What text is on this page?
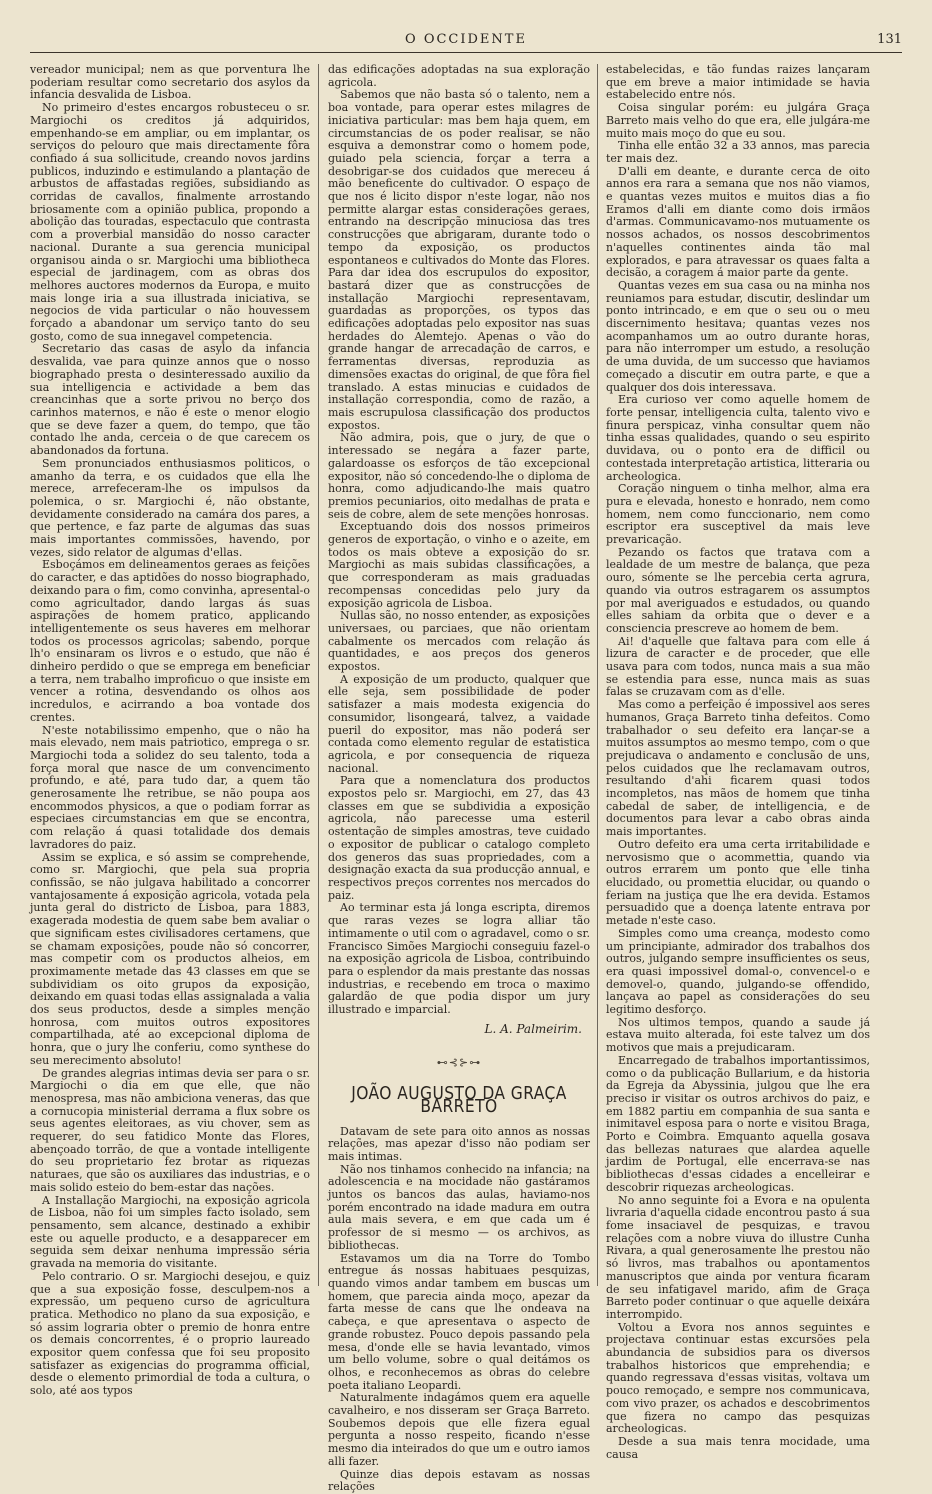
O OCCIDENTE	131

vereador municipal; nem as que porventura lhe poderiam resultar como secretario dos asylos da infancia desvalida de Lisboa.

No primeiro d'estes encargos robusteceu o sr. Margiochi os creditos já adquiridos, empenhando-se em ampliar, ou em implantar, os serviços do pelouro que mais directamente fôra confiado á sua sollicitude, creando novos jardins publicos, induzindo e estimulando a plantação de arbustos de affastadas regiões, subsidiando as corridas de cavallos, finalmente arrostando briosamente com a opinião publica, propondo a abolição das touradas, espectaculo que contrasta com a proverbial mansidão do nosso caracter nacional. Durante a sua gerencia municipal organisou ainda o sr. Margiochi uma bibliotheca especial de jardinagem, com as obras dos melhores auctores modernos da Europa, e muito mais longe iria a sua illustrada iniciativa, se negocios de vida particular o não houvessem forçado a abandonar um serviço tanto do seu gosto, como de sua innegavel competencia.

Secretario das casas de asylo da infancia desvalida, vae para quinze annos que o nosso biographado presta o desinteressado auxilio da sua intelligencia e actividade a bem das creancinhas que a sorte privou no berço dos carinhos maternos, e não é este o menor elogio que se deve fazer a quem, do tempo, que tão contado lhe anda, cerceia o de que carecem os abandonados da fortuna.

Sem pronunciados enthusiasmos politicos, o amanho da terra, e os cuidados que ella lhe merece, arrefeceram-lhe os impulsos da polemica, o sr. Margiochi é, não obstante, devidamente considerado na camára dos pares, a que pertence, e faz parte de algumas das suas mais importantes commissões, havendo, por vezes, sido relator de algumas d'ellas.

Esboçámos em delineamentos geraes as feições do caracter, e das aptidões do nosso biographado, deixando para o fim, como convinha, apresental-o como agricultador, dando largas ás suas aspirações de homem pratico, applicando intelligentemente os seus haveres em melhorar todos os processos agricolas; sabendo, porque lh'o ensinaram os livros e o estudo, que não é dinheiro perdido o que se emprega em beneficiar a terra, nem trabalho improficuo o que insiste em vencer a rotina, desvendando os olhos aos incredulos, e acirrando a boa vontade dos crentes.

N'este notabilissimo empenho, que o não ha mais elevado, nem mais patriotico, emprega o sr. Margiochi toda a solidez do seu talento, toda a força moral que nasce de um convencimento profundo, e até, para tudo dar, a quem tão generosamente lhe retribue, se não poupa aos encommodos physicos, a que o podiam forrar as especiaes circumstancias em que se encontra, com relação á quasi totalidade dos demais lavradores do paiz.

Assim se explica, e só assim se comprehende, como sr. Margiochi, que pela sua propria confissão, se não julgava habilitado a concorrer vantajosamente á exposição agricola, votada pela junta geral do districto de Lisboa, para 1883, exagerada modestia de quem sabe bem avaliar o que significam estes civilisadores certamens, que se chamam exposições, poude não só concorrer, mas competir com os productos alheios, em proximamente metade das 43 classes em que se subdividiam os oito grupos da exposição, deixando em quasi todas ellas assignalada a valia dos seus productos, desde a simples menção honrosa, com muitos outros expositores compartilhada, até ao excepcional diploma de honra, que o jury lhe conferiu, como synthese do seu merecimento absoluto!

De grandes alegrias intimas devia ser para o sr. Margiochi o dia em que elle, que não menospresa, mas não ambiciona veneras, das que a cornucopia ministerial derrama a flux sobre os seus agentes eleitoraes, as viu chover, sem as requerer, do seu fatidico Monte das Flores, abençoado torrão, de que a vontade intelligente do seu proprietario fez brotar as riquezas naturaes, que são os auxiliares das industrias, e o mais solido esteio do bem-estar das nações.

A Installação Margiochi, na exposição agricola de Lisboa, não foi um simples facto isolado, sem pensamento, sem alcance, destinado a exhibir este ou aquelle producto, e a desapparecer em seguida sem deixar nenhuma impressão séria gravada na memoria do visitante.

Pelo contrario. O sr. Margiochi desejou, e quiz que a sua exposição fosse, desculpem-nos a expressão, um pequeno curso de agricultura pratica. Methodico no plano da sua exposição, e só assim lograria obter o premio de honra entre os demais concorrentes, é o proprio laureado expositor quem confessa que foi seu proposito satisfazer as exigencias do programma official, desde o elemento primordial de toda a cultura, o solo, até aos typos

das edificações adoptadas na sua exploração agricola.

Sabemos que não basta só o talento, nem a boa vontade, para operar estes milagres de iniciativa particular: mas bem haja quem, em circumstancias de os poder realisar, se não esquiva a demonstrar como o homem pode, guiado pela sciencia, forçar a terra a desobrigar-se dos cuidados que mereceu á mão beneficente do cultivador. O espaço de que nos é licito dispor n'este logar, não nos permitte alargar estas considerações geraes, entrando na descripção minuciosa das tres construcções que abrigaram, durante todo o tempo da exposição, os productos espontaneos e cultivados do Monte das Flores. Para dar idea dos escrupulos do expositor, bastará dizer que as construcções de installação Margiochi representavam, guardadas as proporções, os typos das edificações adoptadas pelo expositor nas suas herdades do Alemtejo. Apenas o vão do grande hangar de arrecadação de carros, e ferramentas diversas, reproduzia as dimensões exactas do original, de que fôra fiel translado. A estas minucias e cuidados de installação correspondia, como de razão, a mais escrupulosa classificação dos productos expostos.

Não admira, pois, que o jury, de que o interessado se negára a fazer parte, galardoasse os esforços de tão excepcional expositor, não só concedendo-lhe o diploma de honra, como adjudicando-lhe mais quatro premios pecuniarios, oito medalhas de prata e seis de cobre, alem de sete menções honrosas.

Exceptuando dois dos nossos primeiros generos de exportação, o vinho e o azeite, em todos os mais obteve a exposição do sr. Margiochi as mais subidas classificações, a que corresponderam as mais graduadas recompensas concedidas pelo jury da exposição agricola de Lisboa.

Nullas são, no nosso entender, as exposições universaes, ou parciaes, que não orientam cabalmente os mercados com relação ás quantidades, e aos preços dos generos expostos.

A exposição de um producto, qualquer que elle seja, sem possibilidade de poder satisfazer a mais modesta exigencia do consumidor, lisongeará, talvez, a vaidade pueril do expositor, mas não poderá ser contada como elemento regular de estatistica agricola, e por consequencia de riqueza nacional.

Para que a nomenclatura dos productos expostos pelo sr. Margiochi, em 27, das 43 classes em que se subdividia a exposição agricola, não parecesse uma esteril ostentação de simples amostras, teve cuidado o expositor de publicar o catalogo completo dos generos das suas propriedades, com a designação exacta da sua producção annual, e respectivos preços correntes nos mercados do paiz.

Ao terminar esta já longa escripta, diremos que raras vezes se logra alliar tão intimamente o util com o agradavel, como o sr. Francisco Simões Margiochi conseguiu fazel-o na exposição agricola de Lisboa, contribuindo para o esplendor da mais prestante das nossas industrias, e recebendo em troca o maximo galardão de que podia dispor um jury illustrado e imparcial.

L. A. Palmeirim.
⊷⊰⊱⊶
JOÃO AUGUSTO DA GRAÇA BARRETO

Datavam de sete para oito annos as nossas relações, mas apezar d'isso não podiam ser mais intimas.

Não nos tinhamos conhecido na infancia; na adolescencia e na mocidade não gastáramos juntos os bancos das aulas, haviamo-nos porém encontrado na idade madura em outra aula mais severa, e em que cada um é professor de si mesmo — os archivos, as bibliothecas.

Estavamos um dia na Torre do Tombo entregue ás nossas habituaes pesquizas, quando vimos andar tambem em buscas um homem, que parecia ainda moço, apezar da farta messe de cans que lhe ondeava na cabeça, e que apresentava o aspecto de grande robustez. Pouco depois passando pela mesa, d'onde elle se havia levantado, vimos um bello volume, sobre o qual deitámos os olhos, e reconhecemos as obras do celebre poeta italiano Leopardi.

Naturalmente indagámos quem era aquelle cavalheiro, e nos disseram ser Graça Barreto. Soubemos depois que elle fizera egual pergunta a nosso respeito, ficando n'esse mesmo dia inteirados do que um e outro iamos alli fazer.

Quinze dias depois estavam as nossas relações

estabelecidas, e tão fundas raizes lançaram que em breve a maior intimidade se havia estabelecido entre nós.

Coisa singular porém: eu julgára Graça Barreto mais velho do que era, elle julgára-me muito mais moço do que eu sou.

Tinha elle então 32 a 33 annos, mas parecia ter mais dez.

D'alli em deante, e durante cerca de oito annos era rara a semana que nos não viamos, e quantas vezes muitos e muitos dias a fio Eramos d'alli em diante como dois irmãos d'armas. Communicavamo-nos mutuamente os nossos achados, os nossos descobrimentos n'aquelles continentes ainda tão mal explorados, e para atravessar os quaes falta a decisão, a coragem á maior parte da gente.

Quantas vezes em sua casa ou na minha nos reuniamos para estudar, discutir, deslindar um ponto intrincado, e em que o seu ou o meu discernimento hesitava; quantas vezes nos acompanhamos um ao outro durante horas, para não interromper um estudo, a resolução de uma duvida, de um successo que haviamos começado a discutir em outra parte, e que a qualquer dos dois interessava.

Era curioso ver como aquelle homem de forte pensar, intelligencia culta, talento vivo e finura perspicaz, vinha consultar quem não tinha essas qualidades, quando o seu espirito duvidava, ou o ponto era de difficil ou contestada interpretação artistica, litteraria ou archeologica.

Coração ninguem o tinha melhor, alma era pura e elevada, honesto e honrado, nem como homem, nem como funccionario, nem como escriptor era susceptivel da mais leve prevaricação.

Pezando os factos que tratava com a lealdade de um mestre de balança, que peza ouro, sómente se lhe percebia certa agrura, quando via outros estragarem os assumptos por mal averiguados e estudados, ou quando elles sahiam da orbita que o dever e a consciencia prescreve ao homem de bem.

Ai! d'aquelle que faltava para com elle á lizura de caracter e de proceder, que elle usava para com todos, nunca mais a sua mão se estendia para esse, nunca mais as suas falas se cruzavam com as d'elle.

Mas como a perfeição é impossivel aos seres humanos, Graça Barreto tinha defeitos. Como trabalhador o seu defeito era lançar-se a muitos assumptos ao mesmo tempo, com o que prejudicava o andamento e conclusão de uns, pelos cuidados que lhe reclamavam outros, resultando d'ahi ficarem quasi todos incompletos, nas mãos de homem que tinha cabedal de saber, de intelligencia, e de documentos para levar a cabo obras ainda mais importantes.

Outro defeito era uma certa irritabilidade e nervosismo que o acommettia, quando via outros errarem um ponto que elle tinha elucidado, ou promettia elucidar, ou quando o feriam na justiça que lhe era devida. Estamos persuadido que a doença latente entrava por metade n'este caso.

Simples como uma creança, modesto como um principiante, admirador dos trabalhos dos outros, julgando sempre insufficientes os seus, era quasi impossivel domal-o, convencel-o e demovel-o, quando, julgando-se offendido, lançava ao papel as considerações do seu legitimo desforço.

Nos ultimos tempos, quando a saude já estava muito alterada, foi este talvez um dos motivos que mais a prejudicaram.

Encarregado de trabalhos importantissimos, como o da publicação Bullarium, e da historia da Egreja da Abyssinia, julgou que lhe era preciso ir visitar os outros archivos do paiz, e em 1882 partiu em companhia de sua santa e inimitavel esposa para o norte e visitou Braga, Porto e Coimbra. Emquanto aquella gosava das bellezas naturaes que alardea aquelle jardim de Portugal, elle encerrava-se nas bibliothecas d'essas cidades a encelleirar e descobrir riquezas archeologicas.

No anno seguinte foi a Evora e na opulenta livraria d'aquella cidade encontrou pasto á sua fome insaciavel de pesquizas, e travou relações com a nobre viuva do illustre Cunha Rivara, a qual generosamente lhe prestou não só livros, mas trabalhos ou apontamentos manuscriptos que ainda por ventura ficaram de seu infatigavel marido, afim de Graça Barreto poder continuar o que aquelle deixára interrompido.

Voltou a Evora nos annos seguintes e projectava continuar estas excursões pela abundancia de subsidios para os diversos trabalhos historicos que emprehendia; e quando regressava d'essas visitas, voltava um pouco remoçado, e sempre nos communicava, com vivo prazer, os achados e descobrimentos que fizera no campo das pesquizas archeologicas.

Desde a sua mais tenra mocidade, uma causa
